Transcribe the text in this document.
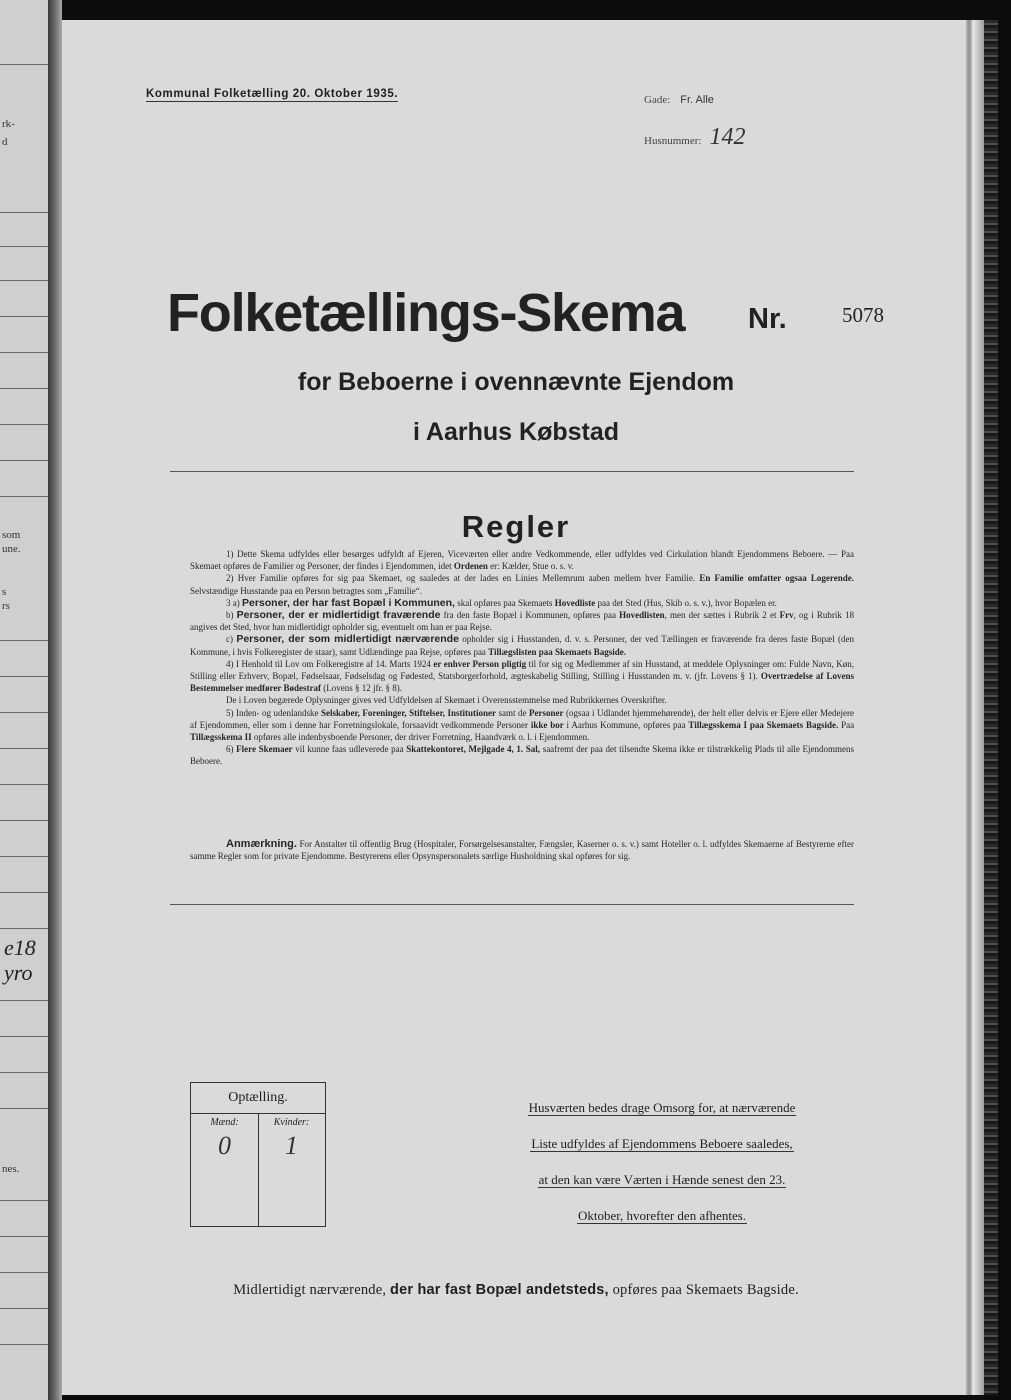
rk-
d
som
une.
s
rs
e18
yro
nes.
Kommunal Folketælling 20. Oktober 1935.	Gade: Fr. Alle
Husnummer: 142
Folketællings-Skema Nr.	5078
for Beboerne i ovennævnte Ejendom
i Aarhus Købstad
Regler

1) Dette Skema udfyldes eller besørges udfyldt af Ejeren, Viceværten eller andre Vedkommende, eller udfyldes ved Cirkulation blandt Ejendommens Beboere. — Paa Skemaet opføres de Familier og Personer, der findes i Ejendommen, idet Ordenen er: Kælder, Stue o. s. v.

2) Hver Familie opføres for sig paa Skemaet, og saaledes at der lades en Linies Mellemrum aaben mellem hver Familie. En Familie omfatter ogsaa Logerende. Selvstændige Husstande paa en Person betragtes som „Familie“.

3 a) Personer, der har fast Bopæl i Kommunen, skal opføres paa Skemaets Hovedliste paa det Sted (Hus, Skib o. s. v.), hvor Bopælen er.

b) Personer, der er midlertidigt fraværende fra den faste Bopæl i Kommunen, opføres paa Hovedlisten, men der sættes i Rubrik 2 et Frv, og i Rubrik 18 angives det Sted, hvor han midlertidigt opholder sig, eventuelt om han er paa Rejse.

c) Personer, der som midlertidigt nærværende opholder sig i Husstanden, d. v. s. Personer, der ved Tællingen er fraværende fra deres faste Bopæl (den Kommune, i hvis Folkeregister de staar), samt Udlændinge paa Rejse, opføres paa Tillægslisten paa Skemaets Bagside.

4) I Henhold til Lov om Folkeregistre af 14. Marts 1924 er enhver Person pligtig til for sig og Medlemmer af sin Husstand, at meddele Oplysninger om: Fulde Navn, Køn, Stilling eller Erhverv, Bopæl, Fødselsaar, Fødselsdag og Fødested, Statsborgerforhold, ægteskabelig Stilling, Stilling i Husstanden m. v. (jfr. Lovens § 1). Overtrædelse af Lovens Bestemmelser medfører Bødestraf (Lovens § 12 jfr. § 8).

De i Loven begærede Oplysninger gives ved Udfyldelsen af Skemaet i Overensstemmelse med Rubrikkernes Overskrifter.

5) Inden- og udenlandske Selskaber, Foreninger, Stiftelser, Institutioner samt de Personer (ogsaa i Udlandet hjemmehørende), der helt eller delvis er Ejere eller Medejere af Ejendommen, eller som i denne har Forretningslokale, forsaavidt vedkommende Personer ikke bor i Aarhus Kommune, opføres paa Tillægsskema I paa Skemaets Bagside. Paa Tillægsskema II opføres alle indenbysboende Personer, der driver Forretning, Haandværk o. l. i Ejendommen.

6) Flere Skemaer vil kunne faas udleverede paa Skattekontoret, Mejlgade 4, 1. Sal, saafremt der paa det tilsendte Skema ikke er tilstrækkelig Plads til alle Ejendommens Beboere.

Anmærkning. For Anstalter til offentlig Brug (Hospitaler, Forsørgelsesanstalter, Fængsler, Kaserner o. s. v.) samt Hoteller o. l. udfyldes Skemaerne af Bestyrerne efter samme Regler som for private Ejendomme. Bestyrerens eller Opsynspersonalets særlige Husholdning skal opføres for sig.

Optælling.
Mænd:	Kvinder:
0	1
Husværten bedes drage Omsorg for, at nærværende
Liste udfyldes af Ejendommens Beboere saaledes,
at den kan være Værten i Hænde senest den 23.
Oktober, hvorefter den afhentes.
Midlertidigt nærværende, der har fast Bopæl andetsteds, opføres paa Skemaets Bagside.
